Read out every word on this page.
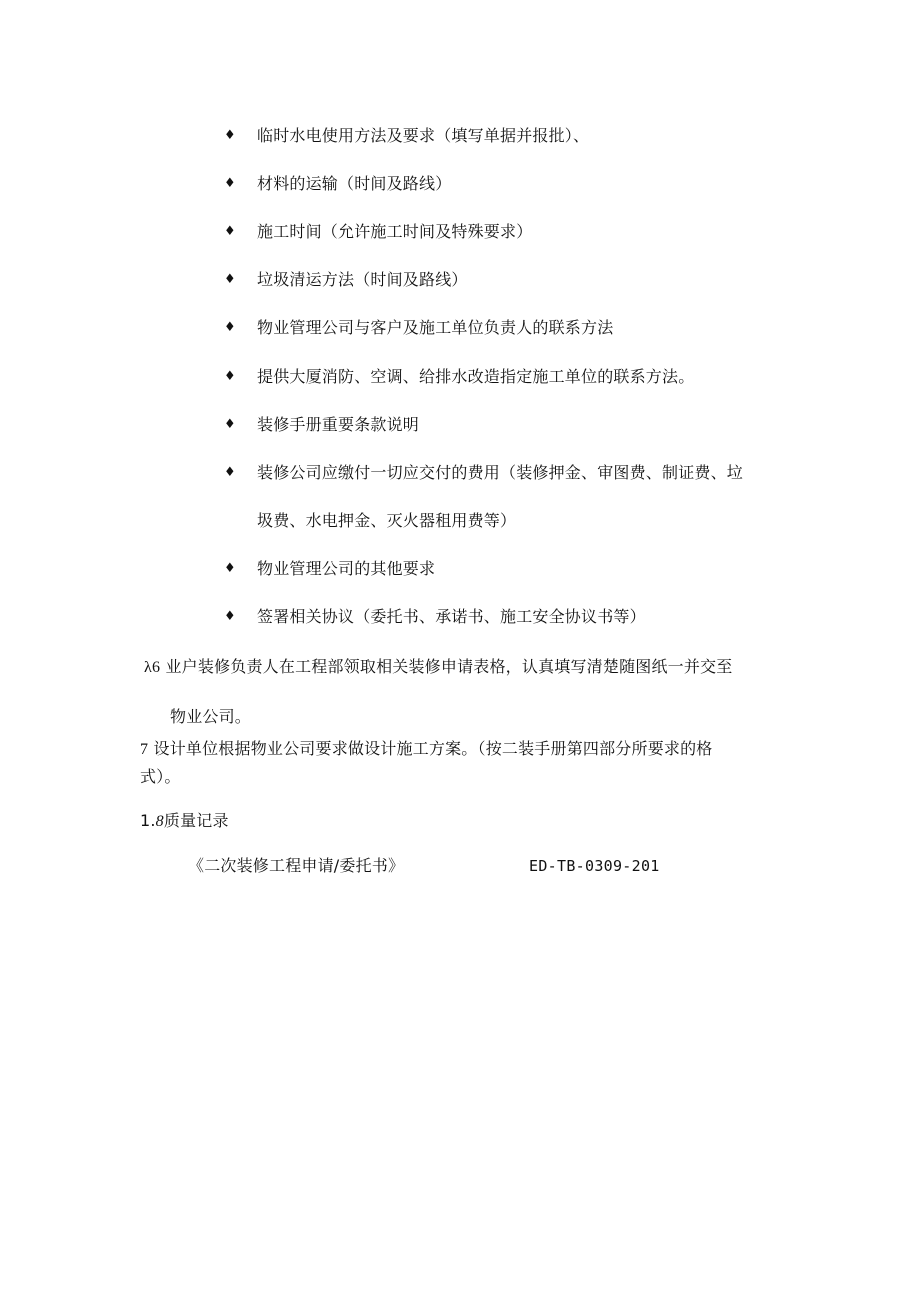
♦ 临时水电使用方法及要求（填写单据并报批）、
♦ 材料的运输（时间及路线）
♦ 施工时间（允许施工时间及特殊要求）
♦ 垃圾清运方法（时间及路线）
♦ 物业管理公司与客户及施工单位负责人的联系方法
♦ 提供大厦消防、空调、给排水改造指定施工单位的联系方法。
♦ 装修手册重要条款说明
♦ 装修公司应缴付一切应交付的费用（装修押金、审图费、制证费、垃
圾费、水电押金、灭火器租用费等）
♦ 物业管理公司的其他要求
♦ 签署相关协议（委托书、承诺书、施工安全协议书等）
λ6 业户装修负责人在工程部领取相关装修申请表格，认真填写清楚随图纸一并交至
物业公司。
7 设计单位根据物业公司要求做设计施工方案。（按二装手册第四部分所要求的格
式）。
1.8质量记录
《二次装修工程申请/委托书》	ED-TB-0309-201
